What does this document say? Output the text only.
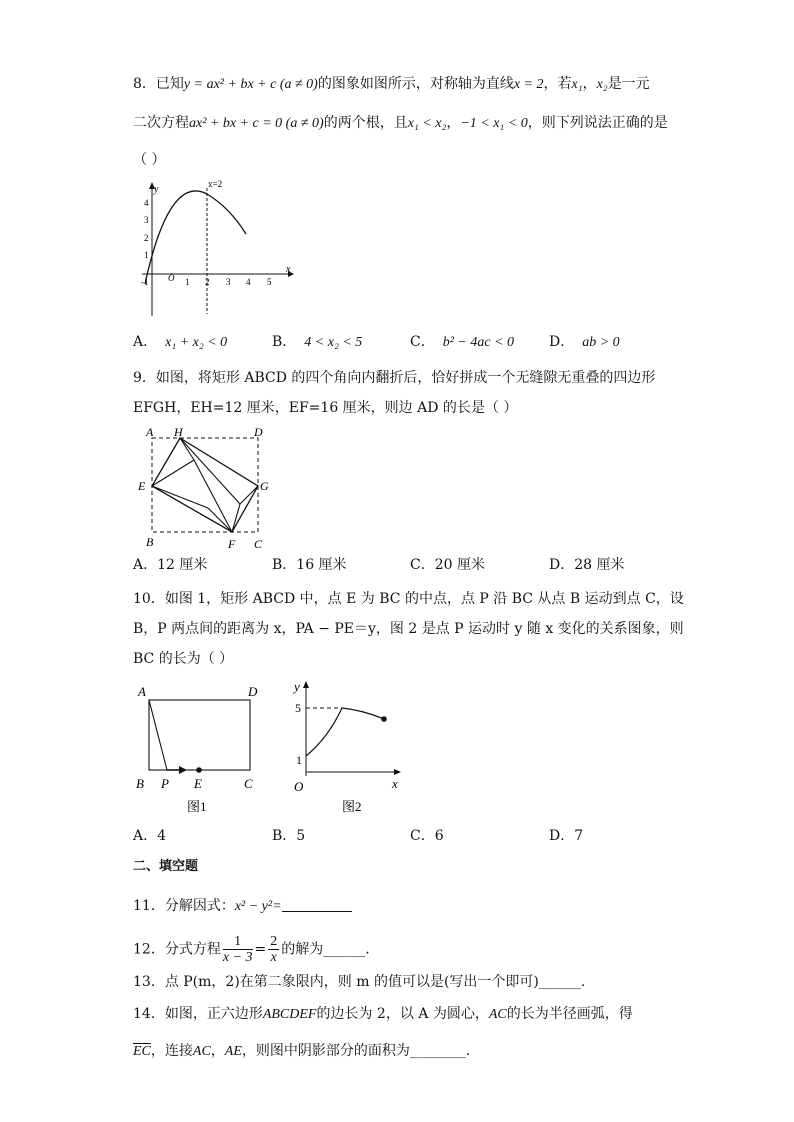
8．已知y = ax² + bx + c (a ≠ 0)的图象如图所示，对称轴为直线x = 2，若x₁，x₂是一元
二次方程ax² + bx + c = 0 (a ≠ 0)的两个根，且x₁ < x₂，−1 < x₁ < 0，则下列说法正确的是
（ ）
x=2
y
x
4
3
2
1
-1 O 1 2 3 4 5
A． x₁ + x₂ < 0	B． 4 < x₂ < 5	C． b² − 4ac < 0 D． ab > 0
9．如图，将矩形 ABCD 的四个角向内翻折后，恰好拼成一个无缝隙无重叠的四边形
EFGH，EH=12 厘米，EF=16 厘米，则边 AD 的长是（ ）
A H	D
E	G
B	F C
A．12 厘米	B．16 厘米	C．20 厘米	D．28 厘米
10．如图 1，矩形 ABCD 中，点 E 为 BC 的中点，点 P 沿 BC 从点 B 运动到点 C，设
B，P 两点间的距离为 x，PA − PE＝y，图 2 是点 P 运动时 y 随 x 变化的关系图象，则
BC 的长为（ ）
A	D
B P E	C
图1
y
x
O
5
1
图2
A．4	B．5	C．6	D．7
二、填空题
11．分解因式：x² − y²=
12．分式方程 $\frac{1}{x - 3} = \frac{2}{x}$ 的解为______.
13．点 P(m，2)在第二象限内，则 m 的值可以是(写出一个即可)______.
14．如图，正六边形ABCDEF的边长为 2，以 A 为圆心，AC的长为半径画弧，得
$\overline{EC}$，连接AC，AE，则图中阴影部分的面积为________.
